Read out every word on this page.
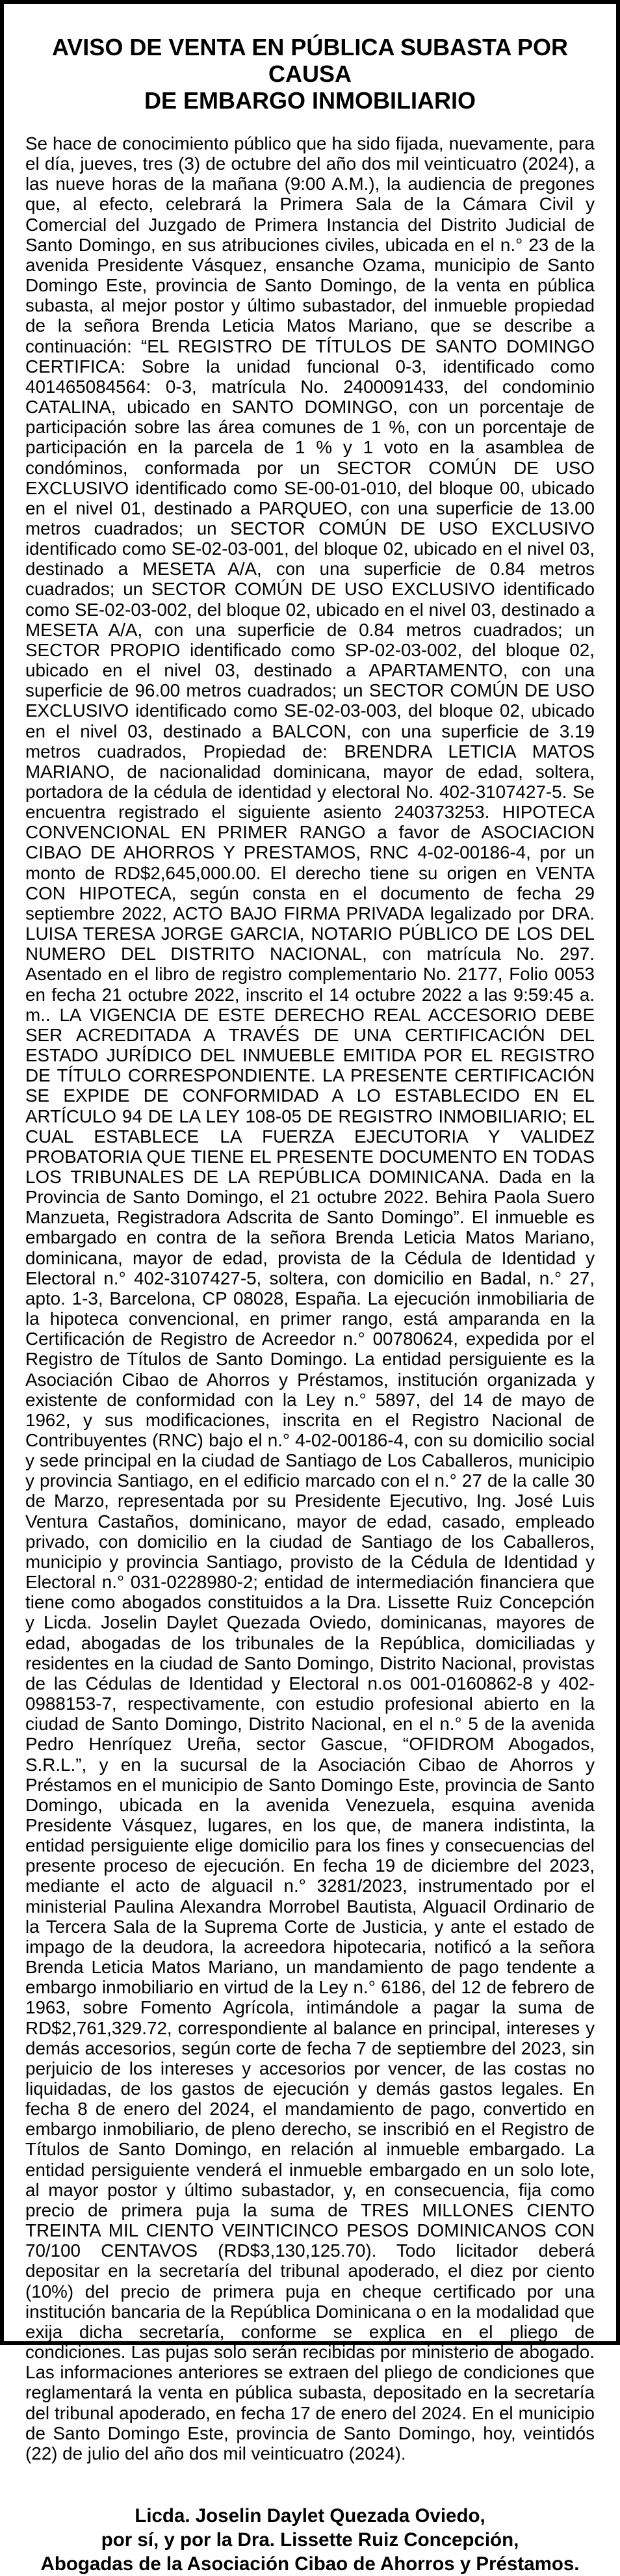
AVISO DE VENTA EN PÚBLICA SUBASTA POR CAUSA
DE EMBARGO INMOBILIARIO

Se hace de conocimiento público que ha sido fijada, nuevamente, para el día, jueves, tres (3) de octubre del año dos mil veinticuatro (2024), a las nueve horas de la mañana (9:00 A.M.), la audiencia de pregones que, al efecto, celebrará la Primera Sala de la Cámara Civil y Comercial del Juzgado de Primera Instancia del Distrito Judicial de Santo Domingo, en sus atribuciones civiles, ubicada en el n.° 23 de la avenida Presidente Vásquez, ensanche Ozama, municipio de Santo Domingo Este, provincia de Santo Domingo, de la venta en pública subasta, al mejor postor y último subastador, del inmueble propiedad de la señora Brenda Leticia Matos Mariano, que se describe a continuación: “EL REGISTRO DE TÍTULOS DE SANTO DOMINGO CERTIFICA: Sobre la unidad funcional 0-3, identificado como 401465084564: 0-3, matrícula No. 2400091433, del condominio CATALINA, ubicado en SANTO DOMINGO, con un porcentaje de participación sobre las área comunes de 1 %, con un porcentaje de participación en la parcela de 1 % y 1 voto en la asamblea de condóminos, conformada por un SECTOR COMÚN DE USO EXCLUSIVO identificado como SE-00-01-010, del bloque 00, ubicado en el nivel 01, destinado a PARQUEO, con una superficie de 13.00 metros cuadrados; un SECTOR COMÚN DE USO EXCLUSIVO identificado como SE-02-03-001, del bloque 02, ubicado en el nivel 03, destinado a MESETA A/A, con una superficie de 0.84 metros cuadrados; un SECTOR COMÚN DE USO EXCLUSIVO identificado como SE-02-03-002, del bloque 02, ubicado en el nivel 03, destinado a MESETA A/A, con una superficie de 0.84 metros cuadrados; un SECTOR PROPIO identificado como SP-02-03-002, del bloque 02, ubicado en el nivel 03, destinado a APARTAMENTO, con una superficie de 96.00 metros cuadrados; un SECTOR COMÚN DE USO EXCLUSIVO identificado como SE-02-03-003, del bloque 02, ubicado en el nivel 03, destinado a BALCON, con una superficie de 3.19 metros cuadrados, Propiedad de: BRENDRA LETICIA MATOS MARIANO, de nacionalidad dominicana, mayor de edad, soltera, portadora de la cédula de identidad y electoral No. 402-3107427-5. Se encuentra registrado el siguiente asiento 240373253. HIPOTECA CONVENCIONAL EN PRIMER RANGO a favor de ASOCIACION CIBAO DE AHORROS Y PRESTAMOS, RNC 4-02-00186-4, por un monto de RD$2,645,000.00. El derecho tiene su origen en VENTA CON HIPOTECA, según consta en el documento de fecha 29 septiembre 2022, ACTO BAJO FIRMA PRIVADA legalizado por DRA. LUISA TERESA JORGE GARCIA, NOTARIO PÚBLICO DE LOS DEL NUMERO DEL DISTRITO NACIONAL, con matrícula No. 297. Asentado en el libro de registro complementario No. 2177, Folio 0053 en fecha 21 octubre 2022, inscrito el 14 octubre 2022 a las 9:59:45 a. m.. LA VIGENCIA DE ESTE DERECHO REAL ACCESORIO DEBE SER ACREDITADA A TRAVÉS DE UNA CERTIFICACIÓN DEL ESTADO JURÍDICO DEL INMUEBLE EMITIDA POR EL REGISTRO DE TÍTULO CORRESPONDIENTE. LA PRESENTE CERTIFICACIÓN SE EXPIDE DE CONFORMIDAD A LO ESTABLECIDO EN EL ARTÍCULO 94 DE LA LEY 108-05 DE REGISTRO INMOBILIARIO; EL CUAL ESTABLECE LA FUERZA EJECUTORIA Y VALIDEZ PROBATORIA QUE TIENE EL PRESENTE DOCUMENTO EN TODAS LOS TRIBUNALES DE LA REPÚBLICA DOMINICANA. Dada en la Provincia de Santo Domingo, el 21 octubre 2022. Behira Paola Suero Manzueta, Registradora Adscrita de Santo Domingo”. El inmueble es embargado en contra de la señora Brenda Leticia Matos Mariano, dominicana, mayor de edad, provista de la Cédula de Identidad y Electoral n.° 402-3107427-5, soltera, con domicilio en Badal, n.° 27, apto. 1-3, Barcelona, CP 08028, España. La ejecución inmobiliaria de la hipoteca convencional, en primer rango, está amparanda en la Certificación de Registro de Acreedor n.° 00780624, expedida por el Registro de Títulos de Santo Domingo. La entidad persiguiente es la Asociación Cibao de Ahorros y Préstamos, institución organizada y existente de conformidad con la Ley n.° 5897, del 14 de mayo de 1962, y sus modificaciones, inscrita en el Registro Nacional de Contribuyentes (RNC) bajo el n.° 4-02-00186-4, con su domicilio social y sede principal en la ciudad de Santiago de Los Caballeros, municipio y provincia Santiago, en el edificio marcado con el n.° 27 de la calle 30 de Marzo, representada por su Presidente Ejecutivo, Ing. José Luis Ventura Castaños, dominicano, mayor de edad, casado, empleado privado, con domicilio en la ciudad de Santiago de los Caballeros, municipio y provincia Santiago, provisto de la Cédula de Identidad y Electoral n.° 031-0228980-2; entidad de intermediación financiera que tiene como abogados constituidos a la Dra. Lissette Ruiz Concepción y Licda. Joselin Daylet Quezada Oviedo, dominicanas, mayores de edad, abogadas de los tribunales de la República, domiciliadas y residentes en la ciudad de Santo Domingo, Distrito Nacional, provistas de las Cédulas de Identidad y Electoral n.os 001-0160862-8 y 402-0988153-7, respectivamente, con estudio profesional abierto en la ciudad de Santo Domingo, Distrito Nacional, en el n.° 5 de la avenida Pedro Henríquez Ureña, sector Gascue, “OFIDROM Abogados, S.R.L.”, y en la sucursal de la Asociación Cibao de Ahorros y Préstamos en el municipio de Santo Domingo Este, provincia de Santo Domingo, ubicada en la avenida Venezuela, esquina avenida Presidente Vásquez, lugares, en los que, de manera indistinta, la entidad persiguiente elige domicilio para los fines y consecuencias del presente proceso de ejecución. En fecha 19 de diciembre del 2023, mediante el acto de alguacil n.° 3281/2023, instrumentado por el ministerial Paulina Alexandra Morrobel Bautista, Alguacil Ordinario de la Tercera Sala de la Suprema Corte de Justicia, y ante el estado de impago de la deudora, la acreedora hipotecaria, notificó a la señora Brenda Leticia Matos Mariano, un mandamiento de pago tendente a embargo inmobiliario en virtud de la Ley n.° 6186, del 12 de febrero de 1963, sobre Fomento Agrícola, intimándole a pagar la suma de RD$2,761,329.72, correspondiente al balance en principal, intereses y demás accesorios, según corte de fecha 7 de septiembre del 2023, sin perjuicio de los intereses y accesorios por vencer, de las costas no liquidadas, de los gastos de ejecución y demás gastos legales. En fecha 8 de enero del 2024, el mandamiento de pago, convertido en embargo inmobiliario, de pleno derecho, se inscribió en el Registro de Títulos de Santo Domingo, en relación al inmueble embargado. La entidad persiguiente venderá el inmueble embargado en un solo lote, al mayor postor y último subastador, y, en consecuencia, fija como precio de primera puja la suma de TRES MILLONES CIENTO TREINTA MIL CIENTO VEINTICINCO PESOS DOMINICANOS CON 70/100 CENTAVOS (RD$3,130,125.70). Todo licitador deberá depositar en la secretaría del tribunal apoderado, el diez por ciento (10%) del precio de primera puja en cheque certificado por una institución bancaria de la República Dominicana o en la modalidad que exija dicha secretaría, conforme se explica en el pliego de condiciones. Las pujas solo serán recibidas por ministerio de abogado. Las informaciones anteriores se extraen del pliego de condiciones que reglamentará la venta en pública subasta, depositado en la secretaría del tribunal apoderado, en fecha 17 de enero del 2024. En el municipio de Santo Domingo Este, provincia de Santo Domingo, hoy, veintidós (22) de julio del año dos mil veinticuatro (2024).

Licda. Joselin Daylet Quezada Oviedo,
por sí, y por la Dra. Lissette Ruiz Concepción,
Abogadas de la Asociación Cibao de Ahorros y Préstamos.
